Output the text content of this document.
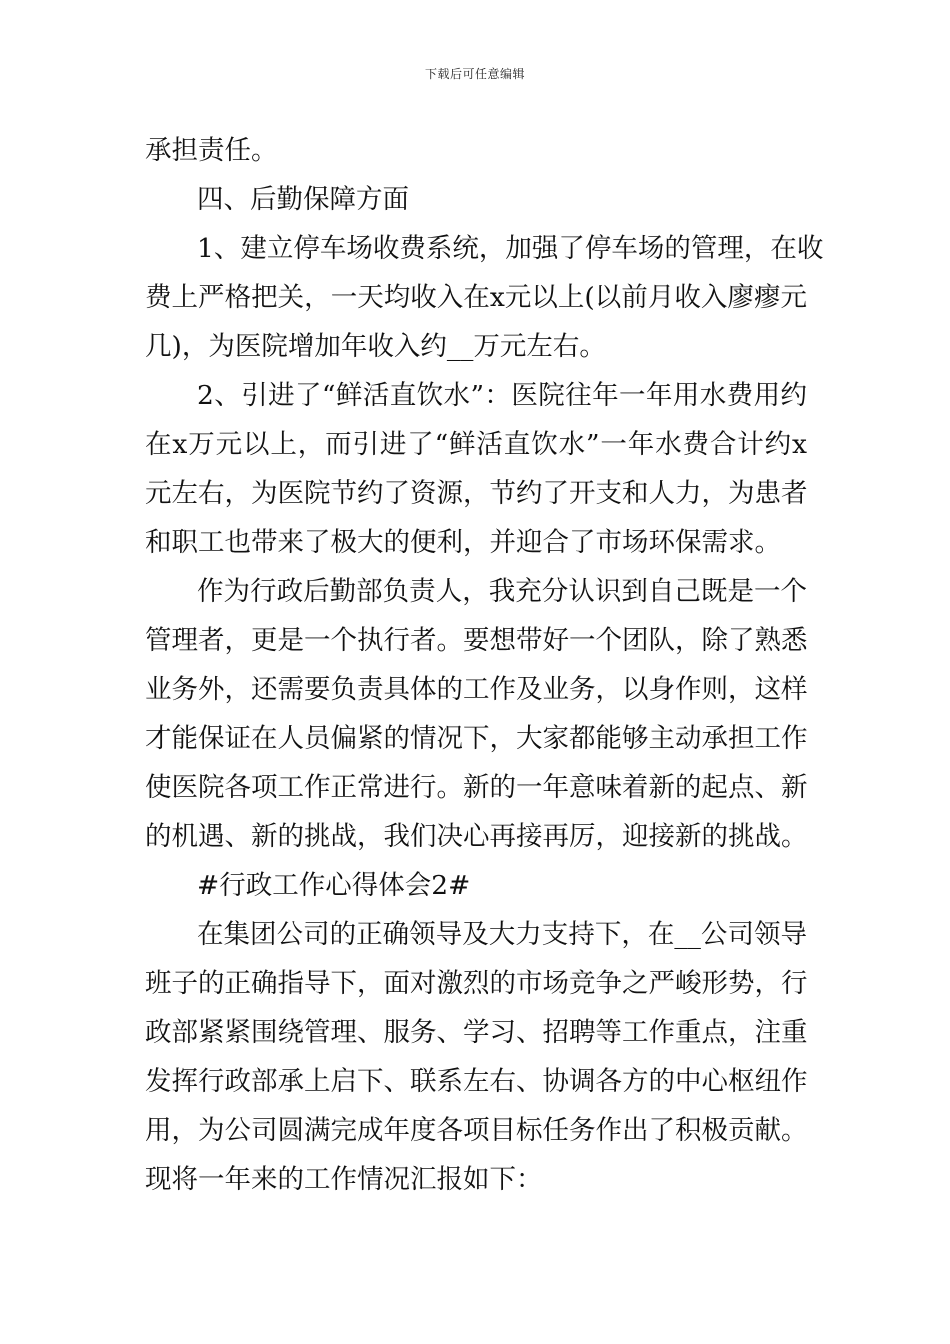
下载后可任意编辑
承担责任。
四、后勤保障方面
1、建立停车场收费系统，加强了停车场的管理，在收
费上严格把关，一天均收入在x元以上(以前月收入廖瘳元
几)，为医院增加年收入约__万元左右。
2、引进了“鲜活直饮水”：医院往年一年用水费用约
在x万元以上，而引进了“鲜活直饮水”一年水费合计约x
元左右，为医院节约了资源，节约了开支和人力，为患者
和职工也带来了极大的便利，并迎合了市场环保需求。
作为行政后勤部负责人，我充分认识到自己既是一个
管理者，更是一个执行者。要想带好一个团队，除了熟悉
业务外，还需要负责具体的工作及业务，以身作则，这样
才能保证在人员偏紧的情况下，大家都能够主动承担工作
使医院各项工作正常进行。新的一年意味着新的起点、新
的机遇、新的挑战，我们决心再接再厉，迎接新的挑战。
#行政工作心得体会2#
在集团公司的正确领导及大力支持下，在__公司领导
班子的正确指导下，面对激烈的市场竞争之严峻形势，行
政部紧紧围绕管理、服务、学习、招聘等工作重点，注重
发挥行政部承上启下、联系左右、协调各方的中心枢纽作
用，为公司圆满完成年度各项目标任务作出了积极贡献。
现将一年来的工作情况汇报如下：
